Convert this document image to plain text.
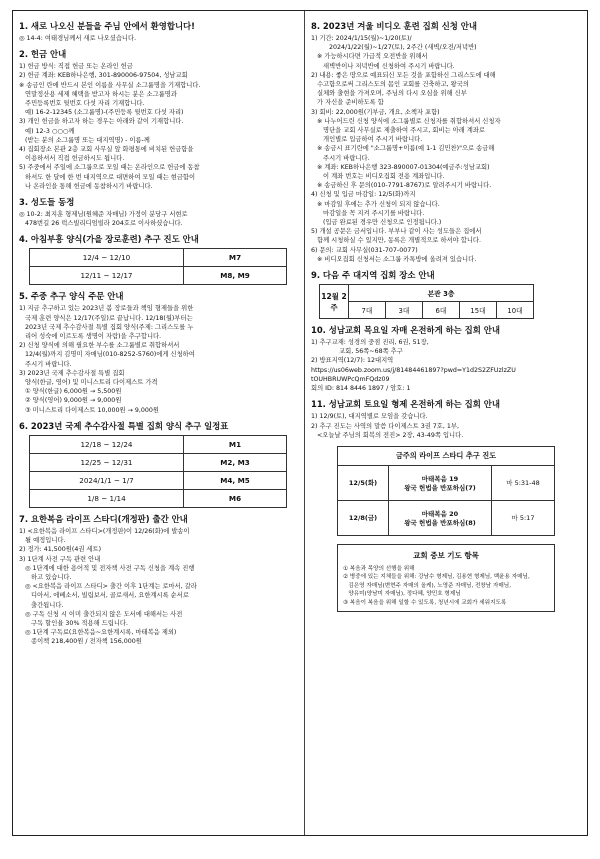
1. 새로 나오신 분들을 주님 안에서 환영합니다!

◎ 14-4: 여태경님께서 새로 나오셨습니다.

2. 헌금 안내

1) 헌금 방식: 직접 헌금 또는 온라인 헌금

2) 헌금 계좌: KEB하나은행, 301-890006-97504, 성남교회

※ 송금인 란에 반드시 본인 이름을 사무실 소그룹명을 기재합니다.

연말정산용 세제 혜택을 받고자 하시는 분은 소그룹명과

주민등록번호 뒷번호 다섯 자리 기재합니다.

예) 16-2-12345 (소그룹명)-(주민등록 뒷번호 다섯 자리)

3) 개인 헌금을 하고자 하는 경우는 아래와 같이 기재합니다.

예) 12-3 ○○○께

(받는 분의 소그룹명 또는 대지역명) - 이름-께

4) 집회장소 본관 2층 교회 사무실 앞 화평통에 비치된 헌금함을

이용하셔서 직접 헌금하시도 됩니다.

5) 주중에서 주일에 소그룹으로 모일 때는 온라인으로 헌금에 동참

하셔도 한 달에 한 번 대지역으로 대면하여 모일 때는 현금함이

나 온라인을 통해 헌금에 동참하시기 바랍니다.

3. 성도들 동정

◎ 10-2: 최지훈 형제님(원혜준 자매님) 가정이 분당구 서현로

478번길 26 럭스빌리디엄빌라 204호로 이사하셨습니다.

4. 아침부흥 양식(가을 장로훈련) 추구 진도 안내
12/4 ~ 12/10	M7
12/11 ~ 12/17	M8, M9
5. 주중 추구 양식 주문 안내

1) 지금 추구하고 있는 2023년 봄 장로들과 책임 형제들을 위한

국제 훈련 양식은 12/17(주일)로 끝납니다. 12/18(월)부터는

2023년 국제 추수감사절 특별 집회 양식(주제: 그리스도를 누

리어 성숙에 이르도록 생명이 자람)을 추구합니다.

2) 신청 양식에 의해 필요한 부수를 소그룹별로 취합하셔서

12/4(월)까지 김명미 자매님(010-8252-5760)에게 신청하여

주시기 바랍니다.

3) 2023년 국제 추수감사절 특별 집회

양식(한글, 영어) 및 미니스트리 다이제스트 가격

① 양식(한글) 6,000원 → 5,500원

② 양식(영어) 9,000원 → 9,000원

③ 미니스트리 다이제스트 10,000원 → 9,000원

6. 2023년 국제 추수감사절 특별 집회 양식 추구 일정표
12/18 ~ 12/24	M1
12/25 ~ 12/31	M2, M3
2024/1/1 ~ 1/7	M4, M5
1/8 ~ 1/14	M6
7. 요한복음 라이프 스타디(개정판) 출간 안내

1) <요한복음 라이프 스타디>(개정판)이 12/26(화)에 발송이

될 예정입니다.

2) 정가: 41,500원(4권 세트)

3) 1단계 사전 구독 관련 안내

◎ 1단계에 대한 용어적 및 전자책 사전 구독 신청을 계속 진행

하고 있습니다.

◎ <요한복음 라이프 스타디> 출간 이후 1단계는 로마서, 갈라

디아서, 에베소서, 빌립보서, 골로새서, 요한계시록 순서로

출간됩니다.

◎ 구독 신청 시 이미 출간되지 않은 도서에 대해서는 사전

구독 할인율 30% 적용해 드립니다.

◎ 1단계 구독료(요한복음~요한계시록, 마태복음 제외)

종이책 218,400원 / 전자책 156,000원

8. 2023년 겨울 비디오 훈련 집회 신청 안내

1) 기간: 2024/1/15(월)~1/20(토)/

2024/1/22(월)~1/27(토), 2주간 (새벽/오전/저녁반)

※ 가능하시다면 가급적 오전반을 위해서

새벽반이나 저녁반에 신청하여 주시기 바랍니다.

2) 내용: 좋은 땅으로 예표되신 모든 것을 포함하신 그리스도에 대해

수고함으로써 그리스도의 몸인 교회를 건축하고, 왕국의

실체와 출현을 가져오며, 주님의 다시 오심을 위해 신부

가 자신을 준비하도록 함

3) 회비: 22,000원(기부금, 개요, 소책자 포함)

※ 나누어드린 신청 양식에 소그룹별로 신청자를 취합하셔서 신청자

명단을 교회 사무실로 제출하여 주시고, 회비는 아래 계좌로

개인별로 입금하여 주시기 바랍니다.

※ 송금시 표기란에 "소그룹명+이름(예 1-1 김민찬)"으로 송금해

주시기 바랍니다.

※ 계좌: KEB하나은행 323-890007-01304(예금주:성남교회)

이 계좌 번호는 비디오집회 전용 계좌입니다.

※ 송금하신 후 문의(010-7791-8767)로 알려주시기 바랍니다.

4) 신청 및 입금 마감일: 12/5(화)까지

※ 마감일 후에는 추가 신청이 되지 않습니다.

마감일을 꼭 지켜 주시기를 바랍니다.

(입금 완료된 경우만 신청으로 인정됩니다.)

5) 개설 공문은 금서입니다. 부부나 같이 사는 성도들은 집에서

함께 시청하실 수 있지만, 동록은 개별적으로 하셔야 합니다.

6) 문의: 교회 사무실(031-707-0077)

※ 비디오집회 신청서는 소그룹 카톡방에 올려져 있습니다.

9. 다음 주 대지역 집회 장소 안내
12월 2주	본관 3층				
	7대	3대	6대	15대	10대
10. 성남교회 목요일 자매 온전하게 하는 집회 안내

1) 추구교재: 성경의 중점 진리, 6권, 51장,

교회, 56쪽~68쪽 추구

2) 방표지역(12/7): 12대지역

https://us06web.zoom.us/j/81484461897?pwd=Y1d2S2ZFUzlzZU

tOUHBRUWPcQmFQdz09

회의 ID: 814 8446 1897 / 암호: 1

11. 성남교회 토요일 형제 온전하게 하는 집회 안내

1) 12/9(토), 대지역별로 모임을 갖습니다.

2) 추구 진도는 사역의 말씀 다이제스트 3권 7호, 1부,

<오늘날 주님의 회복의 전진> 2장, 43-49쪽 입니다.

금주의 라이프 스타디 추구 진도		
12/5(화)	마태복음 19
왕국 헌법을 반포하심(7)	마 5:31-48
12/8(금)	마태복음 20
왕국 헌법을 반포하심(8)	마 5:17
교회 중보 기도 항목

① 복음과 목양의 선행을 위해

② 병중에 있는 지체들을 위해: 강남수 형제님, 김용현 형제님, 백윤용 자매님,

김은영 자매님(변현주 자매의 올케), 노영준 자매님, 전창남 자매님,

양유미(양남미 자매님), 정다혜, 양민호 형제님

③ 복음이 복음을 위해 일할 수 있도록, 청년시에 교회가 세워지도록
